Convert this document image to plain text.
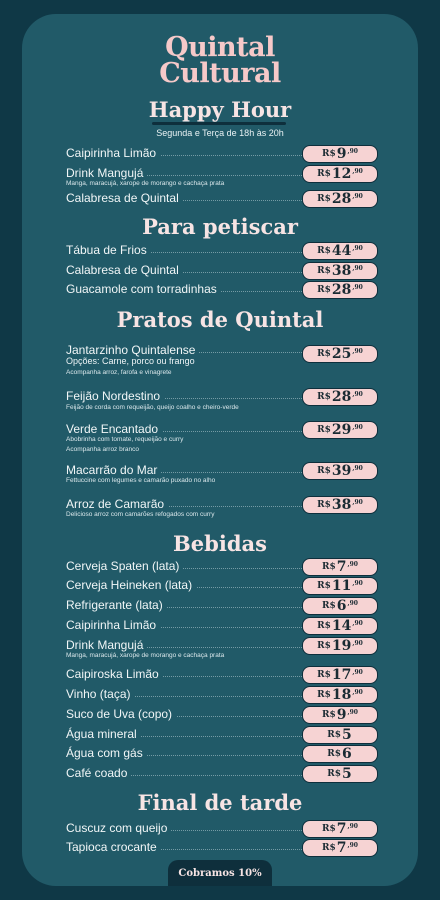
Quintal
Cultural
Happy Hour
Segunda e Terça de 18h às 20h
Caipirinha Limão	R$ 9 ,90
Drink Mangujá	R$ 12 ,90
Manga, maracujá, xarope de morango e cachaça prata
Calabresa de Quintal	R$ 28 ,90
Para petiscar
Tábua de Frios	R$ 44 ,90
Calabresa de Quintal	R$ 38 ,90
Guacamole com torradinhas	R$ 28 ,90
Pratos de Quintal
Jantarzinho Quintalense	R$ 25 ,90
Opções: Carne, porco ou frango
Acompanha arroz, farofa e vinagrete
Feijão Nordestino	R$ 28 ,90
Feijão de corda com requeijão, queijo coalho e cheiro-verde
Verde Encantado	R$ 29 ,90
Abobrinha com tomate, requeijão e curry
Acompanha arroz branco
Macarrão do Mar	R$ 39 ,90
Fettuccine com legumes e camarão puxado no alho
Arroz de Camarão	R$ 38 ,90
Delicioso arroz com camarões refogados com curry
Bebidas
Cerveja Spaten (lata)	R$ 7 ,90
Cerveja Heineken (lata)	R$ 11 ,90
Refrigerante (lata)	R$ 6 ,90
Caipirinha Limão	R$ 14 ,90
Drink Mangujá	R$ 19 ,90
Manga, maracujá, xarope de morango e cachaça prata
Caipiroska Limão	R$ 17 ,90
Vinho (taça)	R$ 18 ,90
Suco de Uva (copo)	R$ 9 ,90
Água mineral	R$ 5
Água com gás	R$ 6
Café coado	R$ 5
Final de tarde
Cuscuz com queijo	R$ 7 ,90
Tapioca crocante	R$ 7 ,90
Cobramos 10%
